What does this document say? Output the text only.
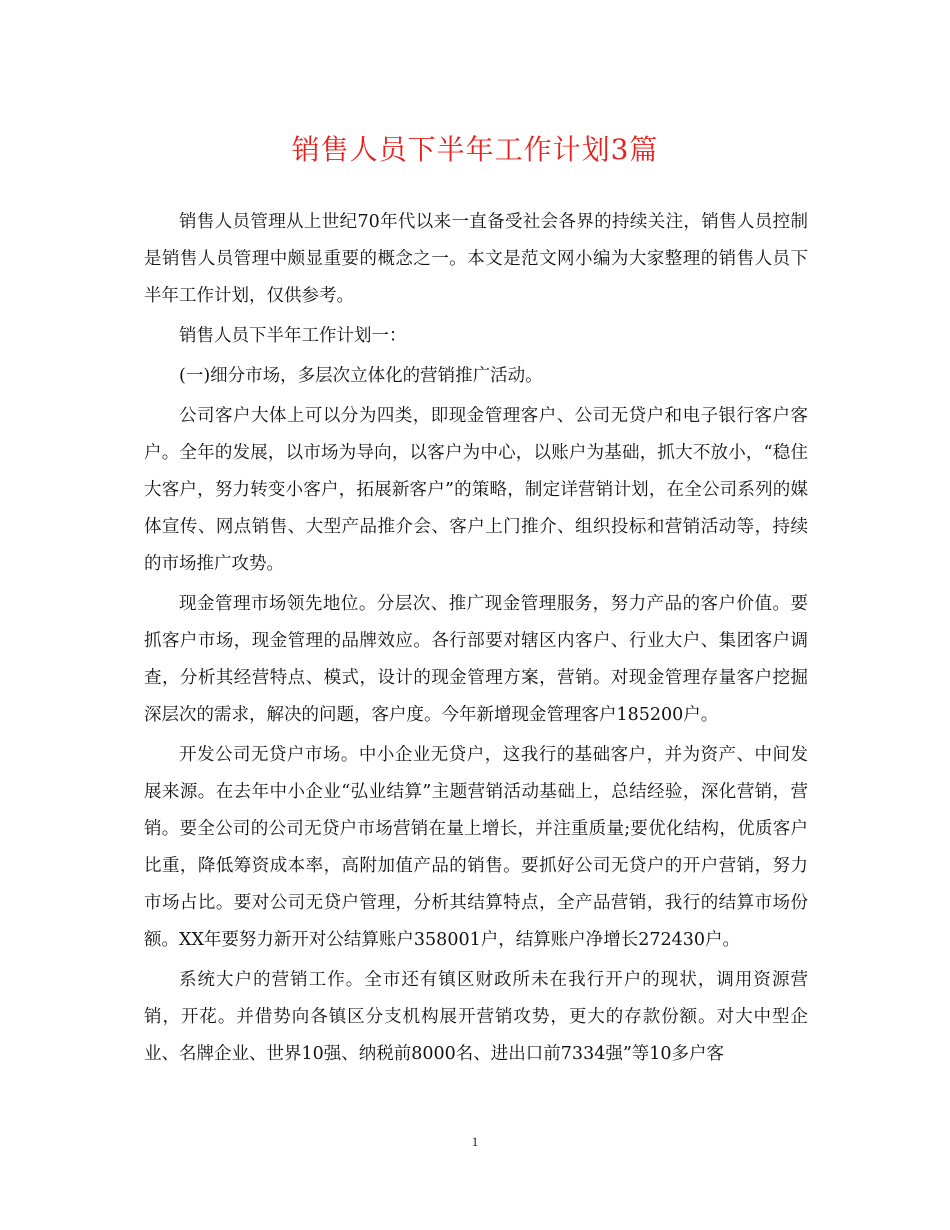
销售人员下半年工作计划3篇

销售人员管理从上世纪70年代以来一直备受社会各界的持续关注，销售人员控制是销售人员管理中颇显重要的概念之一。本文是范文网小编为大家整理的销售人员下半年工作计划，仅供参考。

销售人员下半年工作计划一：

(一)细分市场，多层次立体化的营销推广活动。

公司客户大体上可以分为四类，即现金管理客户、公司无贷户和电子银行客户客户。全年的发展，以市场为导向，以客户为中心，以账户为基础，抓大不放小，“稳住大客户，努力转变小客户，拓展新客户”的策略，制定详营销计划，在全公司系列的媒体宣传、网点销售、大型产品推介会、客户上门推介、组织投标和营销活动等，持续的市场推广攻势。

现金管理市场领先地位。分层次、推广现金管理服务，努力产品的客户价值。要抓客户市场，现金管理的品牌效应。各行部要对辖区内客户、行业大户、集团客户调查，分析其经营特点、模式，设计的现金管理方案，营销。对现金管理存量客户挖掘深层次的需求，解决的问题，客户度。今年新增现金管理客户185200户。

开发公司无贷户市场。中小企业无贷户，这我行的基础客户，并为资产、中间发展来源。在去年中小企业“弘业结算”主题营销活动基础上，总结经验，深化营销，营销。要全公司的公司无贷户市场营销在量上增长，并注重质量;要优化结构，优质客户比重，降低筹资成本率，高附加值产品的销售。要抓好公司无贷户的开户营销，努力市场占比。要对公司无贷户管理，分析其结算特点，全产品营销，我行的结算市场份额。XX年要努力新开对公结算账户358001户，结算账户净增长272430户。

系统大户的营销工作。全市还有镇区财政所未在我行开户的现状，调用资源营销，开花。并借势向各镇区分支机构展开营销攻势，更大的存款份额。对大中型企业、名牌企业、世界10强、纳税前8000名、进出口前7334强”等10多户客

1
